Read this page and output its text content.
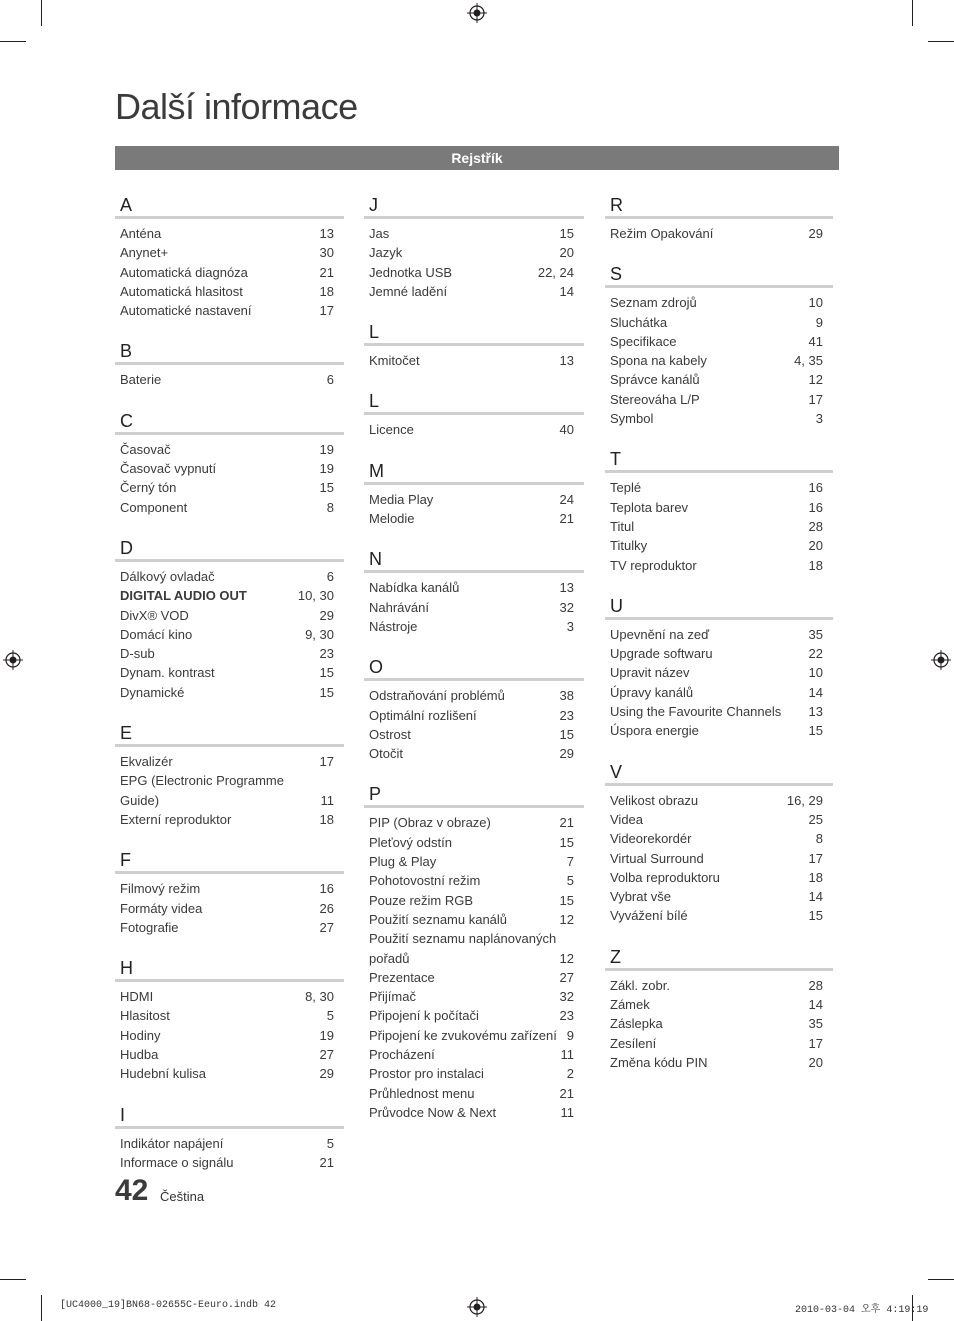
Další informace
Rejstřík
A
Anténa	13
Anynet+	30
Automatická diagnóza	21
Automatická hlasitost	18
Automatické nastavení	17
B
Baterie	6
C
Časovač	19
Časovač vypnutí	19
Černý tón	15
Component	8
D
Dálkový ovladač	6
DIGITAL AUDIO OUT	10, 30
DivX® VOD	29
Domácí kino	9, 30
D-sub	23
Dynam. kontrast	15
Dynamické	15
E
Ekvalizér	17
EPG (Electronic Programme Guide)	11
Externí reproduktor	18
F
Filmový režim	16
Formáty videa	26
Fotografie	27
H
HDMI	8, 30
Hlasitost	5
Hodiny	19
Hudba	27
Hudební kulisa	29
I
Indikátor napájení	5
Informace o signálu	21
J
Jas	15
Jazyk	20
Jednotka USB	22, 24
Jemné ladění	14
L
Kmitočet	13
L
Licence	40
M
Media Play	24
Melodie	21
N
Nabídka kanálů	13
Nahrávání	32
Nástroje	3
O
Odstraňování problémů	38
Optimální rozlišení	23
Ostrost	15
Otočit	29
P
PIP (Obraz v obraze)	21
Pleťový odstín	15
Plug & Play	7
Pohotovostní režim	5
Pouze režim RGB	15
Použití seznamu kanálů	12
Použití seznamu naplánovaných pořadů	12
Prezentace	27
Přijímač	32
Připojení k počítači	23
Připojení ke zvukovému zařízení 9
Procházení	11
Prostor pro instalaci	2
Průhlednost menu	21
Průvodce Now & Next	11
R
Režim Opakování	29
S
Seznam zdrojů	10
Sluchátka	9
Specifikace	41
Spona na kabely	4, 35
Správce kanálů	12
Stereováha L/P	17
Symbol	3
T
Teplé	16
Teplota barev	16
Titul	28
Titulky	20
TV reproduktor	18
U
Upevnění na zeď	35
Upgrade softwaru	22
Upravit název	10
Úpravy kanálů	14
Using the Favourite Channels	13
Úspora energie	15
V
Velikost obrazu	16, 29
Videa	25
Videorekordér	8
Virtual Surround	17
Volba reproduktoru	18
Vybrat vše	14
Vyvážení bílé	15
Z
Zákl. zobr.	28
Zámek	14
Záslepka	35
Zesílení	17
Změna kódu PIN	20
42 Čeština
[UC4000_19]BN68-02655C-Eeuro.indb 42	2010-03-04 오후 4:19:19
